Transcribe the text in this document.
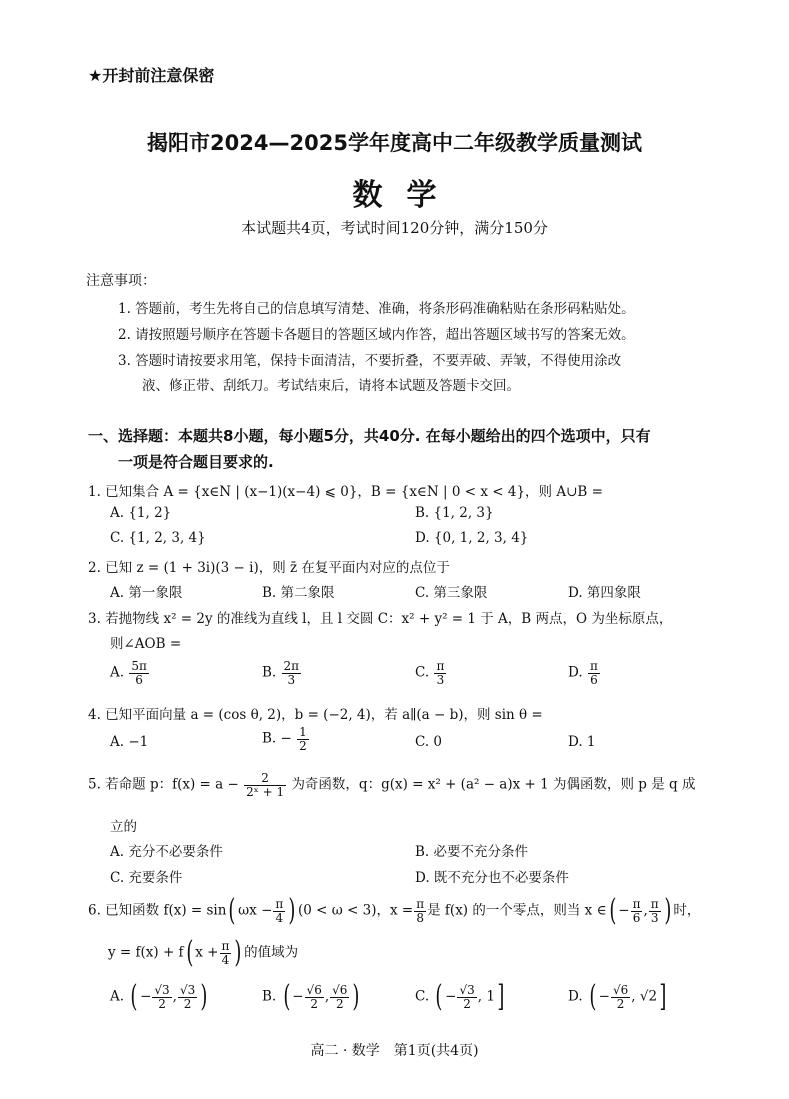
★开封前注意保密
揭阳市2024—2025学年度高中二年级教学质量测试
数学
本试题共4页，考试时间120分钟，满分150分
注意事项：
1. 答题前，考生先将自己的信息填写清楚、准确，将条形码准确粘贴在条形码粘贴处。
2. 请按照题号顺序在答题卡各题目的答题区域内作答，超出答题区域书写的答案无效。
3. 答题时请按要求用笔，保持卡面清洁，不要折叠，不要弄破、弄皱，不得使用涂改
液、修正带、刮纸刀。考试结束后，请将本试题及答题卡交回。
一、选择题：本题共8小题，每小题5分，共40分. 在每小题给出的四个选项中，只有
一项是符合题目要求的.
1. 已知集合 A = {x∈N | (x−1)(x−4) ⩽ 0}，B = {x∈N | 0 < x < 4}，则 A∪B =
A. {1, 2}	B. {1, 2, 3}
C. {1, 2, 3, 4}	D. {0, 1, 2, 3, 4}
2. 已知 z = (1 + 3i)(3 − i)，则 z̄ 在复平面内对应的点位于
A. 第一象限	B. 第二象限	C. 第三象限	D. 第四象限
3. 若抛物线 x² = 2y 的准线为直线 l，且 l 交圆 C：x² + y² = 1 于 A，B 两点，O 为坐标原点，
则∠AOB =
A. $\frac{5\pi}{6}$	B. $\frac{2\pi}{3}$	C. $\frac{\pi}{3}$	D. $\frac{\pi}{6}$
4. 已知平面向量 a = (cos θ, 2)，b = (−2, 4)，若 a∥(a − b)，则 sin θ =
A. −1	B. − $\frac{1}{2}$	C. 0	D. 1
5. 若命题 p：$f(x) = a - \frac{2}{\text{2ˣ + 1}}$ 为奇函数，q：g(x) = x² + (a² − a)x + 1 为偶函数，则 p 是 q 成
立的
A. 充分不必要条件	B. 必要不充分条件
C. 充要条件	D. 既不充分也不必要条件
6. 已知函数 f(x) = sin( $\omega x - \frac{\pi}{4}$ ) (0 < ω < 3)，$x = \frac{\pi}{8}$ 是 f(x) 的一个零点，则当 x ∈( − $\frac{\pi}{6}$ , $\frac{\pi}{3}$ ) 时，
y = f(x) + f( $x + \frac{\pi}{4}$ ) 的值域为
A. ( − $\frac{√3}{2}$ , $\frac{√3}{2}$ )	B. ( − $\frac{√6}{2}$ , $\frac{√6}{2}$ )	C. ( − $\frac{√3}{2}$ , 1]	D. ( − $\frac{√6}{2}$ , √2]
高二 · 数学　第1页(共4页)
